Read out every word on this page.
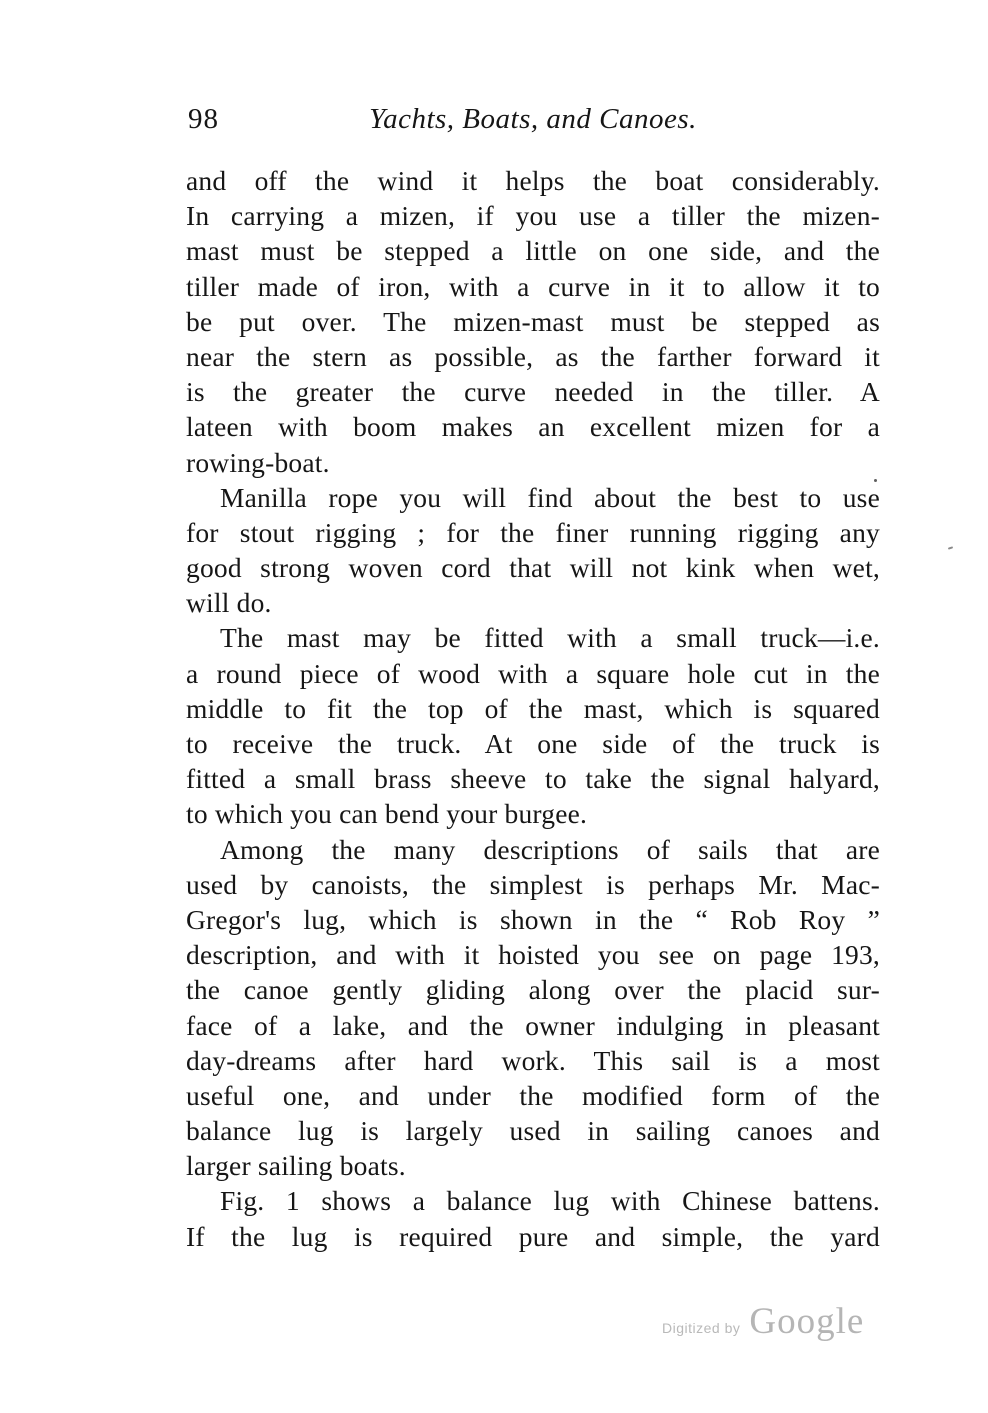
98	Yachts, Boats, and Canoes.
and off the wind it helps the boat considerably.
In carrying a mizen, if you use a tiller the mizen-
mast must be stepped a little on one side, and the
tiller made of iron, with a curve in it to allow it to
be put over. The mizen-mast must be stepped as
near the stern as possible, as the farther forward it
is the greater the curve needed in the tiller. A
lateen with boom makes an excellent mizen for a
rowing-boat.
Manilla rope you will find about the best to use
for stout rigging ; for the finer running rigging any
good strong woven cord that will not kink when wet,
will do.
The mast may be fitted with a small truck—i.e.
a round piece of wood with a square hole cut in the
middle to fit the top of the mast, which is squared
to receive the truck. At one side of the truck is
fitted a small brass sheeve to take the signal halyard,
to which you can bend your burgee.
Among the many descriptions of sails that are
used by canoists, the simplest is perhaps Mr. Mac-
Gregor's lug, which is shown in the “ Rob Roy ”
description, and with it hoisted you see on page 193,
the canoe gently gliding along over the placid sur-
face of a lake, and the owner indulging in pleasant
day-dreams after hard work. This sail is a most
useful one, and under the modified form of the
balance lug is largely used in sailing canoes and
larger sailing boats.
Fig. 1 shows a balance lug with Chinese battens.
If the lug is required pure and simple, the yard
Digitized by Google
